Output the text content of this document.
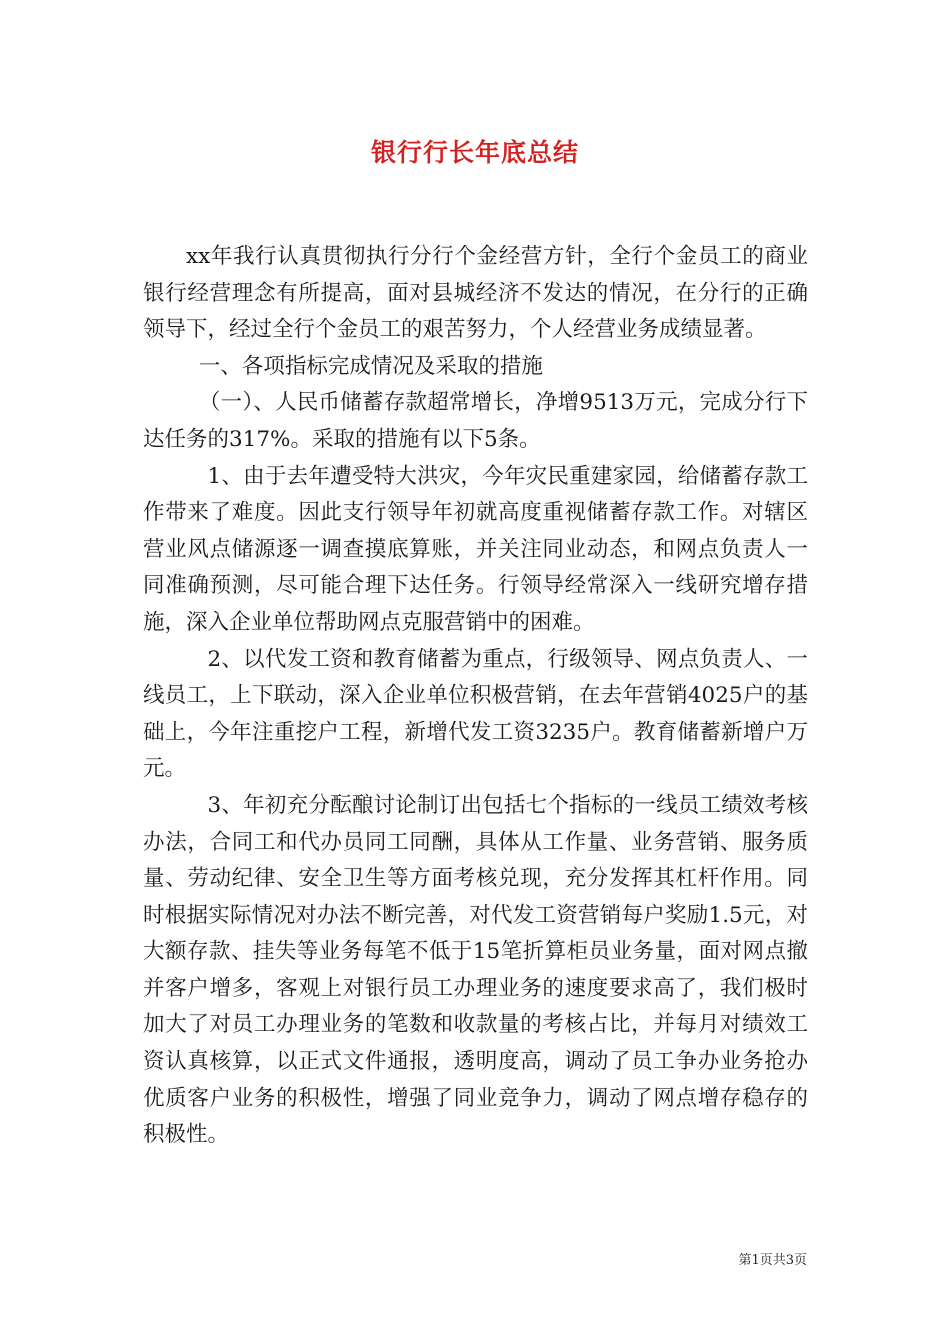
银行行长年底总结

xx年我行认真贯彻执行分行个金经营方针，全行个金员工的商业银行经营理念有所提高，面对县城经济不发达的情况，在分行的正确领导下，经过全行个金员工的艰苦努力，个人经营业务成绩显著。

一、各项指标完成情况及采取的措施

（一）、人民币储蓄存款超常增长，净增9513万元，完成分行下达任务的317%。采取的措施有以下5条。

1、由于去年遭受特大洪灾，今年灾民重建家园，给储蓄存款工作带来了难度。因此支行领导年初就高度重视储蓄存款工作。对辖区营业风点储源逐一调查摸底算账，并关注同业动态，和网点负责人一同准确预测，尽可能合理下达任务。行领导经常深入一线研究增存措施，深入企业单位帮助网点克服营销中的困难。

2、以代发工资和教育储蓄为重点，行级领导、网点负责人、一线员工，上下联动，深入企业单位积极营销，在去年营销4025户的基础上，今年注重挖户工程，新增代发工资3235户。教育储蓄新增户万元。

3、年初充分酝酿讨论制订出包括七个指标的一线员工绩效考核办法，合同工和代办员同工同酬，具体从工作量、业务营销、服务质量、劳动纪律、安全卫生等方面考核兑现，充分发挥其杠杆作用。同时根据实际情况对办法不断完善，对代发工资营销每户奖励1.5元，对大额存款、挂失等业务每笔不低于15笔折算柜员业务量，面对网点撤并客户增多，客观上对银行员工办理业务的速度要求高了，我们极时加大了对员工办理业务的笔数和收款量的考核占比，并每月对绩效工资认真核算，以正式文件通报，透明度高，调动了员工争办业务抢办优质客户业务的积极性，增强了同业竞争力，调动了网点增存稳存的积极性。

第1页共3页
